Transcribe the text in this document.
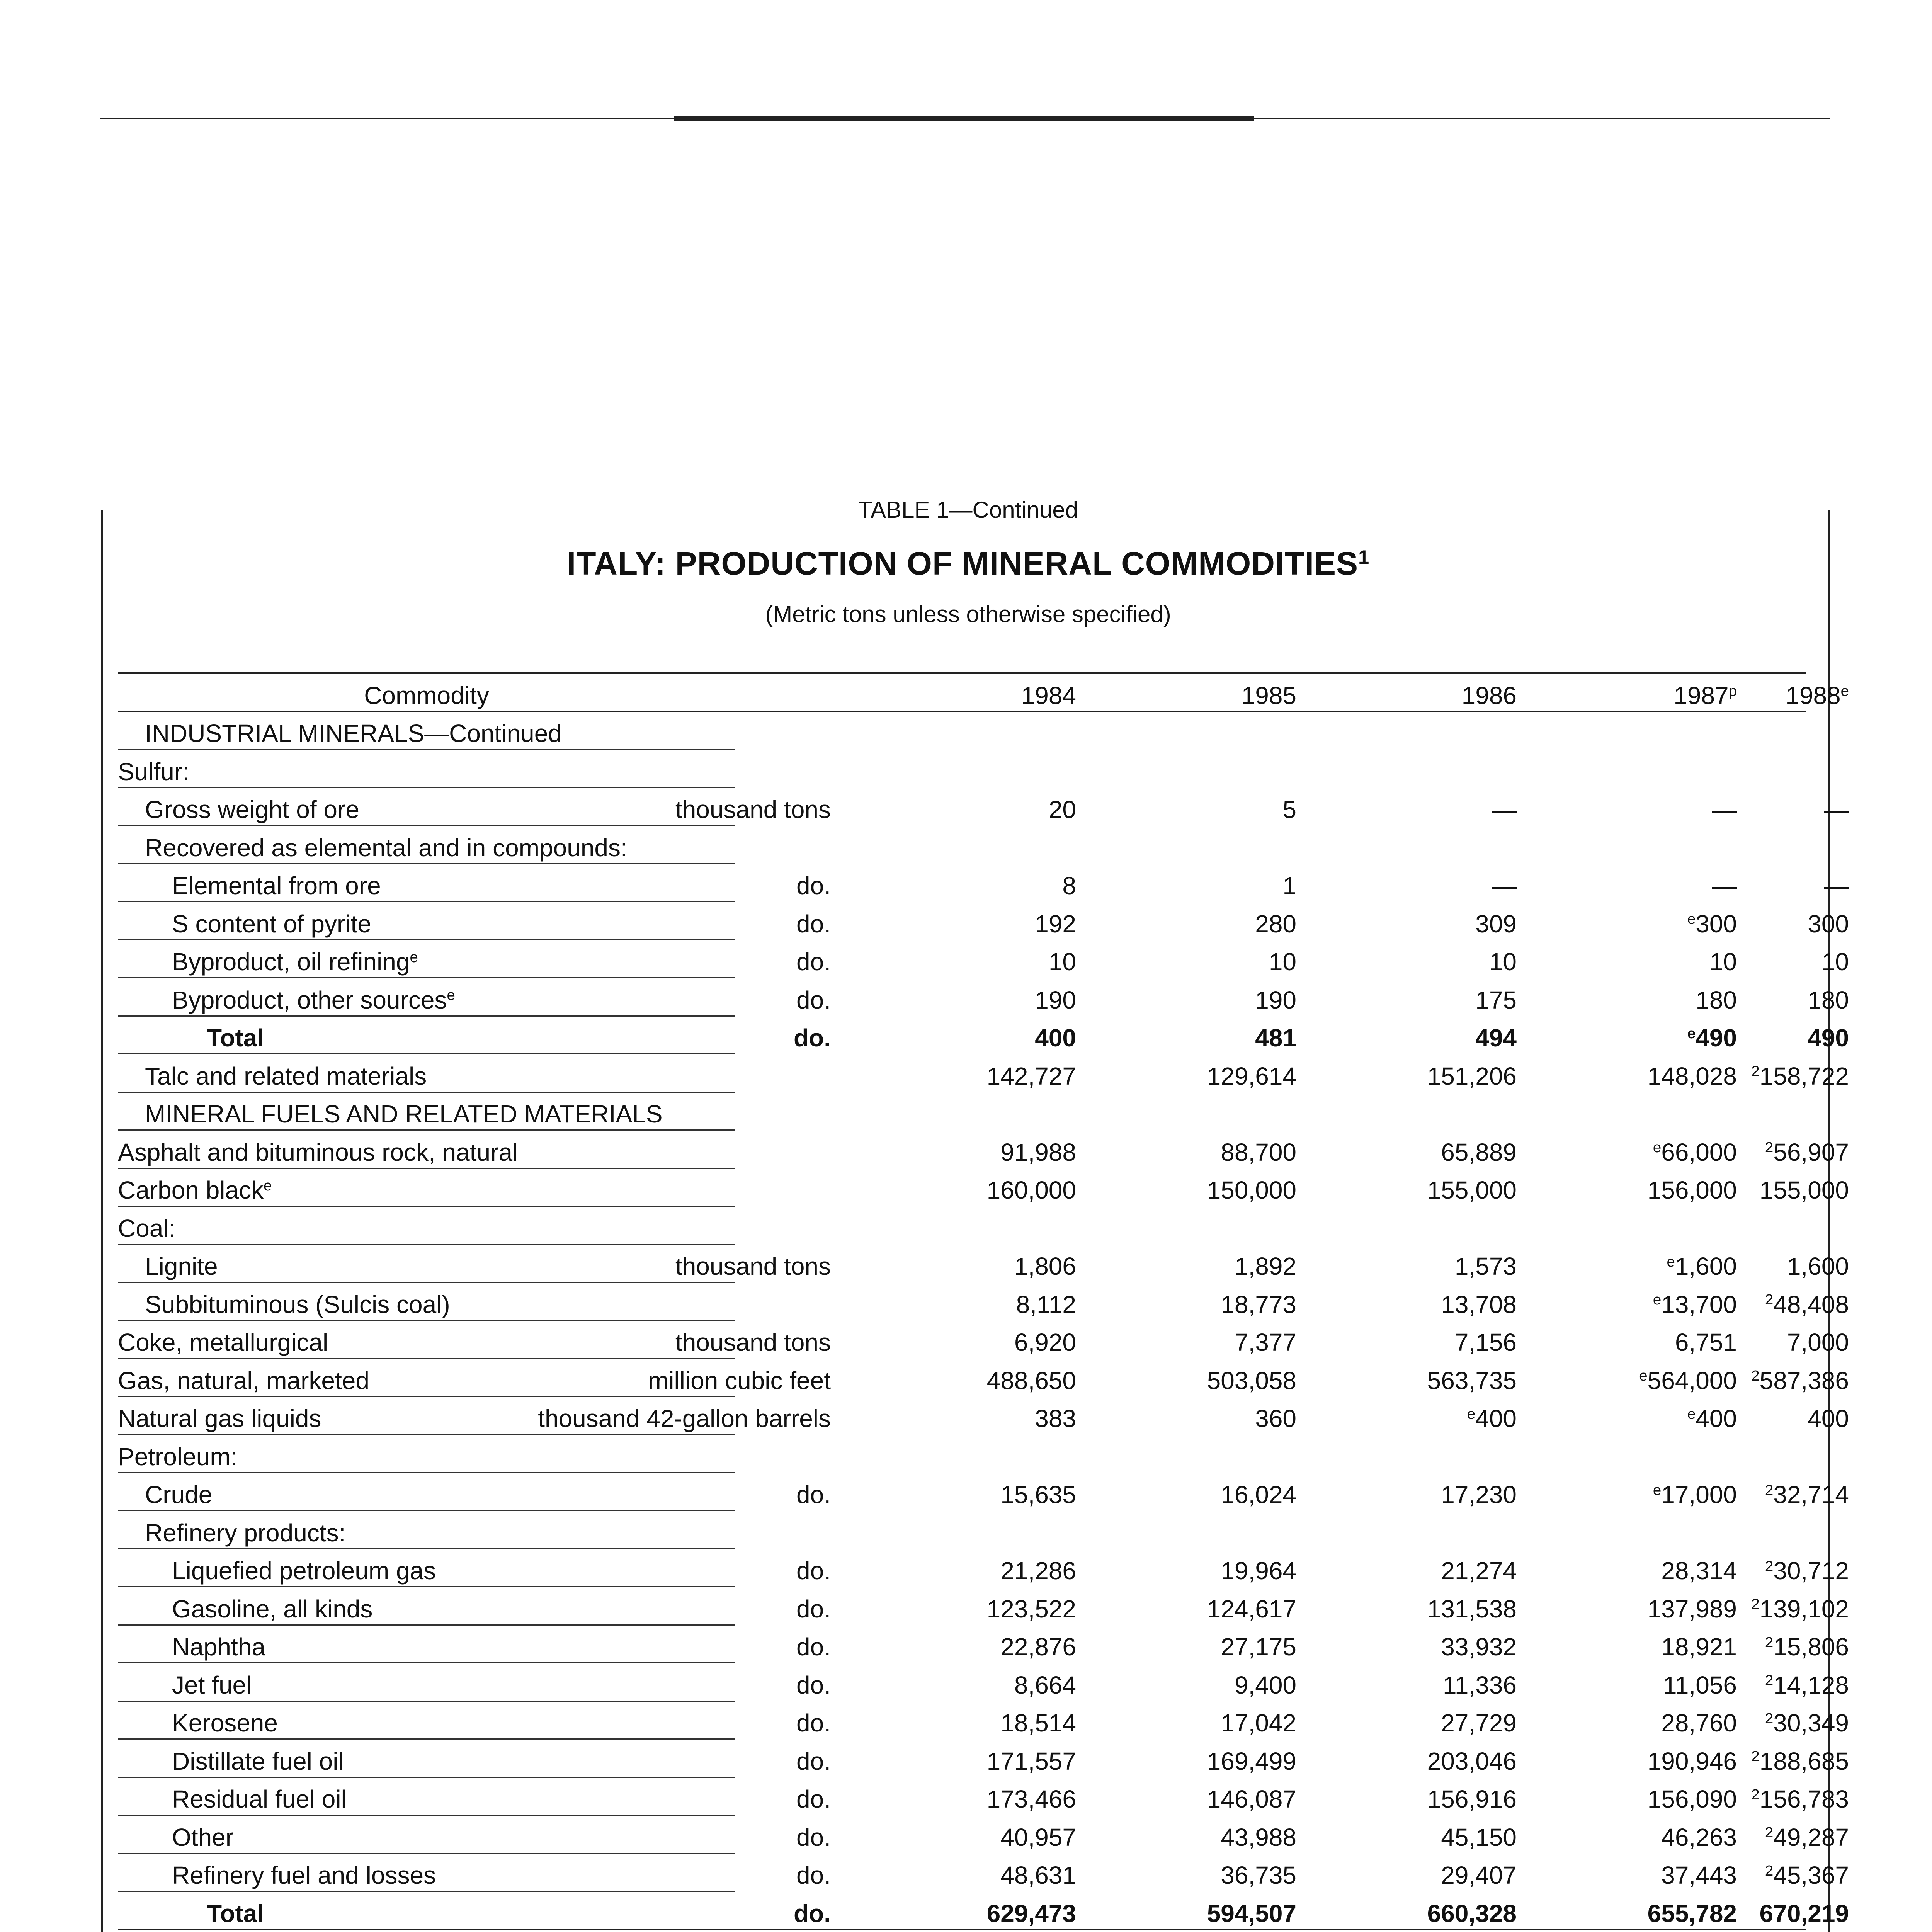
TABLE 1—Continued
ITALY: PRODUCTION OF MINERAL COMMODITIES$^1$
(Metric tons unless otherwise specified)
Commodity	1984	1985	1986	1987$^p$ 1988e
INDUSTRIAL MINERALS—Continued
Sulfur:
Gross weight of ore	thousand tons	20	5	—	—	—
Recovered as elemental and in compounds:
Elemental from ore	do.	8	1	—	—	—
S content of pyrite	do.	192	280	309	$^e$300	300
Byproduct, oil refining$^e$	do.	10	10	10	10	10
Byproduct, other sources$^e$	do.	190	190	175	180	180
Total	do.	400	481	494	$^e$490	490
Talc and related materials	142,727	129,614	151,206	148,028 $^2$158,722
MINERAL FUELS AND RELATED MATERIALS
Asphalt and bituminous rock, natural	91,988	88,700	65,889	$^e$66,000 $^2$56,907
Carbon black$^e$	160,000	150,000	155,000	156,000 155,000
Coal:
Lignite	thousand tons	1,806	1,892	1,573	$^e$1,600 1,600
Subbituminous (Sulcis coal)	8,112	18,773	13,708	$^e$13,700 $^2$48,408
Coke, metallurgical	thousand tons	6,920	7,377	7,156	6,751 7,000
Gas, natural, marketed	million cubic feet	488,650	503,058	563,735	$^e$564,000 $^2$587,386
Natural gas liquids	thousand 42-gallon barrels	383	360	$^e$400	$^e$400	400
Petroleum:
Crude	do.	15,635	16,024	17,230	$^e$17,000 $^2$32,714
Refinery products:
Liquefied petroleum gas	do.	21,286	19,964	21,274	28,314 $^2$30,712
Gasoline, all kinds	do.	123,522	124,617	131,538	137,989 $^2$139,102
Naphtha	do.	22,876	27,175	33,932	18,921 $^2$15,806
Jet fuel	do.	8,664	9,400	11,336	11,056 $^2$14,128
Kerosene	do.	18,514	17,042	27,729	28,760 $^2$30,349
Distillate fuel oil	do.	171,557	169,499	203,046	190,946 $^2$188,685
Residual fuel oil	do.	173,466	146,087	156,916	156,090 $^2$156,783
Other	do.	40,957	43,988	45,150	46,263 $^2$49,287
Refinery fuel and losses	do.	48,631	36,735	29,407	37,443 $^2$45,367
Total	do.	629,473	594,507	660,328	655,782 670,219
